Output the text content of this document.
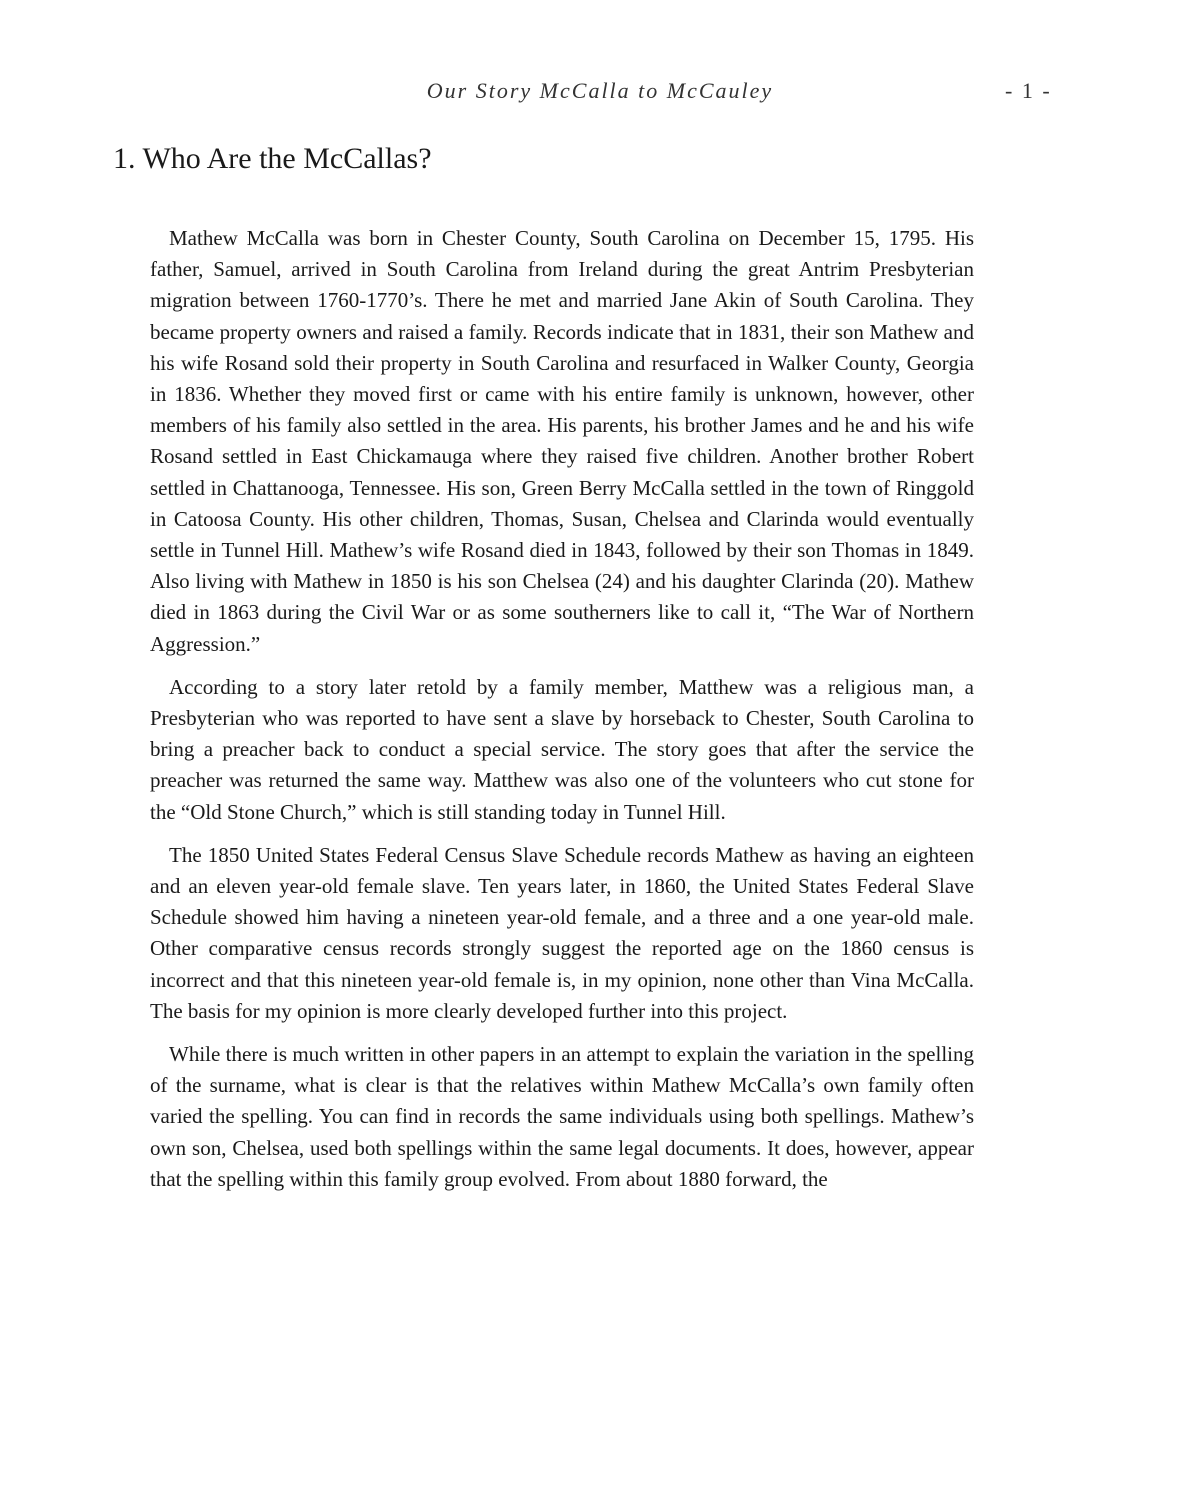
Our Story McCalla to McCauley	- 1 -
1. Who Are the McCallas?

Mathew McCalla was born in Chester County, South Carolina on December 15, 1795. His father, Samuel, arrived in South Carolina from Ireland during the great Antrim Presbyterian migration between 1760-1770’s. There he met and married Jane Akin of South Carolina. They became property owners and raised a family. Records indicate that in 1831, their son Mathew and his wife Rosand sold their property in South Carolina and resurfaced in Walker County, Georgia in 1836. Whether they moved first or came with his entire family is unknown, however, other members of his family also settled in the area. His parents, his brother James and he and his wife Rosand settled in East Chickamauga where they raised five children. Another brother Robert settled in Chattanooga, Tennessee. His son, Green Berry McCalla settled in the town of Ringgold in Catoosa County. His other children, Thomas, Susan, Chelsea and Clarinda would eventually settle in Tunnel Hill. Mathew’s wife Rosand died in 1843, followed by their son Thomas in 1849. Also living with Mathew in 1850 is his son Chelsea (24) and his daughter Clarinda (20). Mathew died in 1863 during the Civil War or as some southerners like to call it, “The War of Northern Aggression.”

According to a story later retold by a family member, Matthew was a religious man, a Presbyterian who was reported to have sent a slave by horseback to Chester, South Carolina to bring a preacher back to conduct a special service. The story goes that after the service the preacher was returned the same way. Matthew was also one of the volunteers who cut stone for the “Old Stone Church,” which is still standing today in Tunnel Hill.

The 1850 United States Federal Census Slave Schedule records Mathew as having an eighteen and an eleven year-old female slave. Ten years later, in 1860, the United States Federal Slave Schedule showed him having a nineteen year-old female, and a three and a one year-old male. Other comparative census records strongly suggest the reported age on the 1860 census is incorrect and that this nineteen year-old female is, in my opinion, none other than Vina McCalla. The basis for my opinion is more clearly developed further into this project.

While there is much written in other papers in an attempt to explain the variation in the spelling of the surname, what is clear is that the relatives within Mathew McCalla’s own family often varied the spelling. You can find in records the same individuals using both spellings. Mathew’s own son, Chelsea, used both spellings within the same legal documents. It does, however, appear that the spelling within this family group evolved. From about 1880 forward, the
